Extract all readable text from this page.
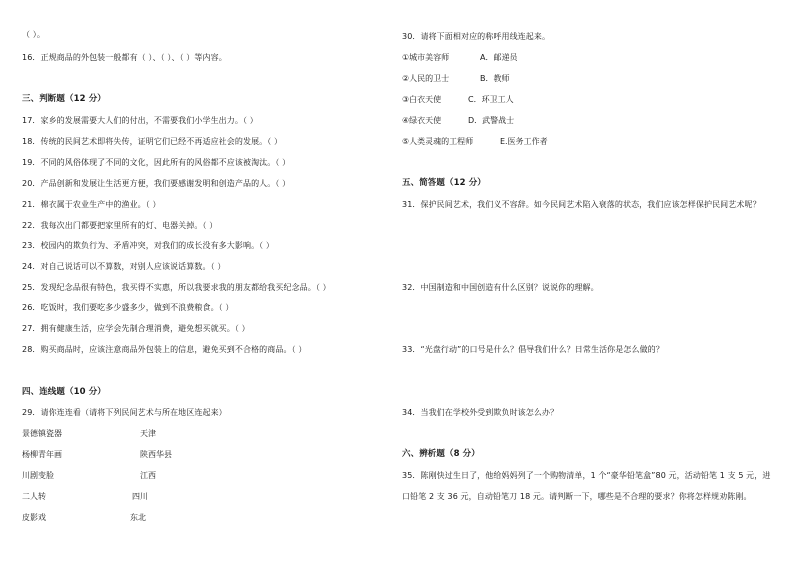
（ ）。
16．正规商品的外包装一般都有（ ）、（ ）、（ ）等内容。
三、判断题（12 分）
17．家乡的发展需要大人们的付出，不需要我们小学生出力。（ ）
18．传统的民间艺术即将失传，证明它们已经不再适应社会的发展。（ ）
19．不同的风俗体现了不同的文化，因此所有的风俗都不应该被淘汰。（ ）
20．产品创新和发展让生活更方便，我们要感谢发明和创造产品的人。（ ）
21．棉衣属于农业生产中的渔业。（ ）
22．我每次出门都要把家里所有的灯、电器关掉。（ ）
23．校园内的欺负行为、矛盾冲突，对我们的成长没有多大影响。（ ）
24．对自己说话可以不算数，对别人应该说话算数。（ ）
25．发现纪念品很有特色，我买得不实惠，所以我要求我的朋友都给我买纪念品。（ ）
26．吃饭时，我们要吃多少盛多少，做到不浪费粮食。（ ）
27．拥有健康生活，应学会先制合理消费，避免想买就买。（ ）
28．购买商品时，应该注意商品外包装上的信息，避免买到不合格的商品。（ ）
四、连线题（10 分）
29．请你连连看（请将下列民间艺术与所在地区连起来）
景德镇瓷器	天津
杨柳青年画	陕西华县
川剧变脸	江西
二人转	四川
皮影戏	东北
30．请将下面相对应的称呼用线连起来。
①城市美容师	A．邮递员
②人民的卫士	B．教师
③白衣天使	C．环卫工人
④绿衣天使	D．武警战士
⑤人类灵魂的工程师	E.医务工作者
五、简答题（12 分）
31．保护民间艺术，我们义不容辞。如今民间艺术陷入衰落的状态，我们应该怎样保护民间艺术呢？
32．中国制造和中国创造有什么区别？说说你的理解。
33．“光盘行动”的口号是什么？倡导我们什么？日常生活你是怎么做的？
34．当我们在学校外受到欺负时该怎么办？
六、辨析题（8 分）
35．陈刚快过生日了，他给妈妈列了一个购物清单，1 个“豪华铅笔盒”80 元，活动铅笔 1 支 5 元，进口铅笔 2 支 36 元，自动铅笔刀 18 元。请判断一下，哪些是不合理的要求？你将怎样规劝陈刚。
